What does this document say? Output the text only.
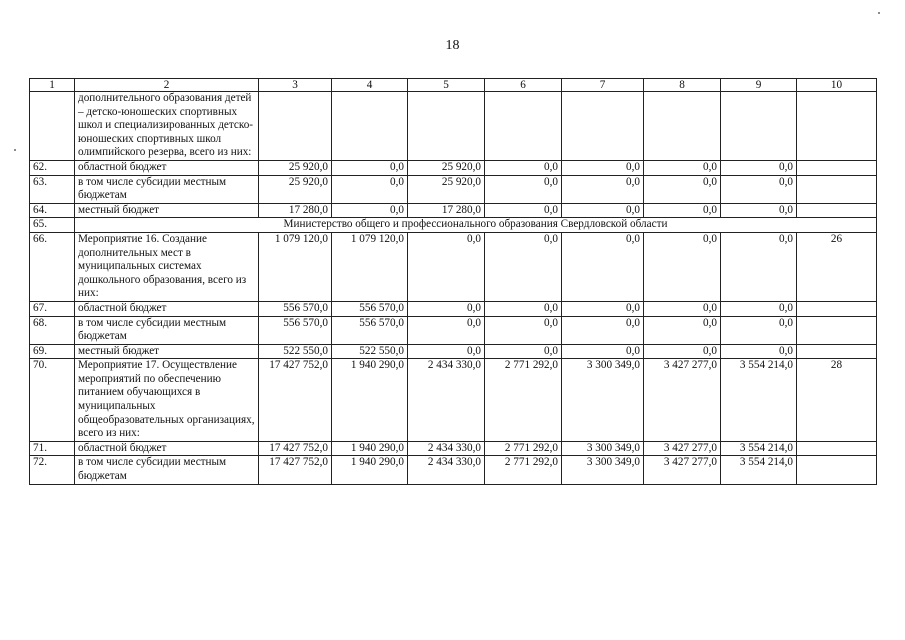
18
1	2	3	4	5	6	7	8	9	10
	дополнительного образования детей – детско-юношеских спортивных школ и специализированных детско-юношеских спортивных школ олимпийского резерва, всего из них:								
62.	областной бюджет	25 920,0	0,0	25 920,0	0,0	0,0	0,0	0,0	
63.	в том числе субсидии местным бюджетам	25 920,0	0,0	25 920,0	0,0	0,0	0,0	0,0	
64.	местный бюджет	17 280,0	0,0	17 280,0	0,0	0,0	0,0	0,0	
65.	Министерство общего и профессионального образования Свердловской области								
66.	Мероприятие 16. Создание дополнительных мест в муниципальных системах дошкольного образования, всего из них:	1 079 120,0	1 079 120,0	0,0	0,0	0,0	0,0	0,0	26
67.	областной бюджет	556 570,0	556 570,0	0,0	0,0	0,0	0,0	0,0	
68.	в том числе субсидии местным бюджетам	556 570,0	556 570,0	0,0	0,0	0,0	0,0	0,0	
69.	местный бюджет	522 550,0	522 550,0	0,0	0,0	0,0	0,0	0,0	
70.	Мероприятие 17. Осуществление мероприятий по обеспечению питанием обучающихся в муниципальных общеобразовательных организациях, всего из них:	17 427 752,0	1 940 290,0	2 434 330,0	2 771 292,0	3 300 349,0	3 427 277,0	3 554 214,0	28
71.	областной бюджет	17 427 752,0	1 940 290,0	2 434 330,0	2 771 292,0	3 300 349,0	3 427 277,0	3 554 214,0	
72.	в том числе субсидии местным бюджетам	17 427 752,0	1 940 290,0	2 434 330,0	2 771 292,0	3 300 349,0	3 427 277,0	3 554 214,0	
